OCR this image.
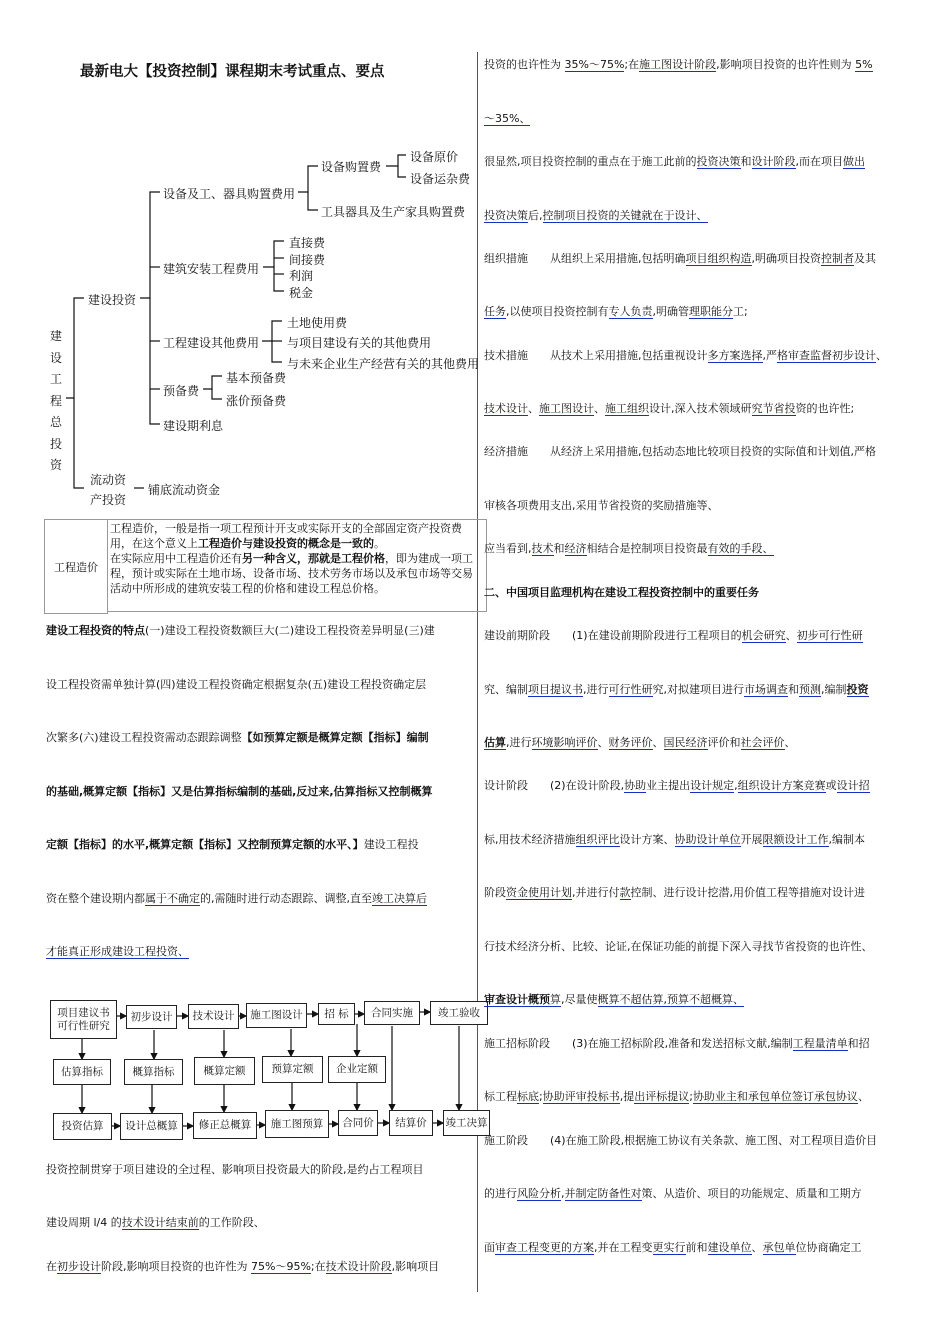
最新电大【投资控制】课程期末考试重点、要点
建
设
工
程
总
投
资
建设投资
设备及工、器具购置费用
设备购置费
设备原价
设备运杂费
工具器具及生产家具购置费
建筑安装工程费用
直接费
间接费
利润
税金
工程建设其他费用
土地使用费
与项目建设有关的其他费用
与未来企业生产经营有关的其他费用
预备费
基本预备费
涨价预备费
建设期利息
流动资
产投资
铺底流动资金
工程造价
工程造价，一般是指一项工程预计开支或实际开支的全部固定资产投资费用，在这个意义上工程造价与建设投资的概念是一致的。
在实际应用中工程造价还有另一种含义，那就是工程价格，即为建成一项工程，预计或实际在土地市场、设备市场、技术劳务市场以及承包市场等交易活动中所形成的建筑安装工程的价格和建设工程总价格。
建设工程投资的特点(一)建设工程投资数额巨大(二)建设工程投资差异明显(三)建
设工程投资需单独计算(四)建设工程投资确定根据复杂(五)建设工程投资确定层
次繁多(六)建设工程投资需动态跟踪调整【如预算定额是概算定额【指标】编制
的基础,概算定额【指标】又是估算指标编制的基础,反过来,估算指标又控制概算
定额【指标】的水平,概算定额【指标】又控制预算定额的水平、】建设工程投
资在整个建设期内都属于不确定的,需随时进行动态跟踪、调整,直至竣工决算后
才能真正形成建设工程投资、
项目建议书
可行性研究
初步设计	技术设计	施工图设计	招 标	合同实施	竣工验收
估算指标	概算指标	概算定额	预算定额	企业定额
投资估算	设计总概算	修正总概算	施工图预算	合同价	结算价	竣工决算
投资控制贯穿于项目建设的全过程、影响项目投资最大的阶段,是约占工程项目
建设周期 l/4 的技术设计结束前的工作阶段、
在初步设计阶段,影响项目投资的也许性为 75%～95%;在技术设计阶段,影响项目
投资的也许性为 35%～75%;在施工图设计阶段,影响项目投资的也许性则为 5%
～35%、
很显然,项目投资控制的重点在于施工此前的投资决策和设计阶段,而在项目做出
投资决策后,控制项目投资的关键就在于设计、
组织措施　　从组织上采用措施,包括明确项目组织构造,明确项目投资控制者及其
任务,以使项目投资控制有专人负责,明确管理职能分工;
技术措施　　从技术上采用措施,包括重视设计多方案选择,严格审查监督初步设计、
技术设计、施工图设计、施工组织设计,深入技术领域研究节省投资的也许性;
经济措施　　从经济上采用措施,包括动态地比较项目投资的实际值和计划值,严格
审核各项费用支出,采用节省投资的奖励措施等、
应当看到,技术和经济相结合是控制项目投资最有效的手段、
二、中国项目监理机构在建设工程投资控制中的重要任务
建设前期阶段　　(1)在建设前期阶段进行工程项目的机会研究、初步可行性研
究、编制项目提议书,进行可行性研究,对拟建项目进行市场调查和预测,编制投资
估算,进行环境影响评价、财务评价、国民经济评价和社会评价、
设计阶段　　(2)在设计阶段,协助业主提出设计规定,组织设计方案竞赛或设计招
标,用技术经济措施组织评比设计方案、协助设计单位开展限额设计工作,编制本
阶段资金使用计划,并进行付款控制、进行设计挖潜,用价值工程等措施对设计进
行技术经济分析、比较、论证,在保证功能的前提下深入寻找节省投资的也许性、
审查设计概预算,尽量使概算不超估算,预算不超概算、
施工招标阶段　　(3)在施工招标阶段,准备和发送招标文献,编制工程量清单和招
标工程标底;协助评审投标书,提出评标提议;协助业主和承包单位签订承包协议、
施工阶段　　(4)在施工阶段,根据施工协议有关条款、施工图、对工程项目造价目
的进行风险分析,并制定防备性对策、从造价、项目的功能规定、质量和工期方
面审查工程变更的方案,并在工程变更实行前和建设单位、承包单位协商确定工
